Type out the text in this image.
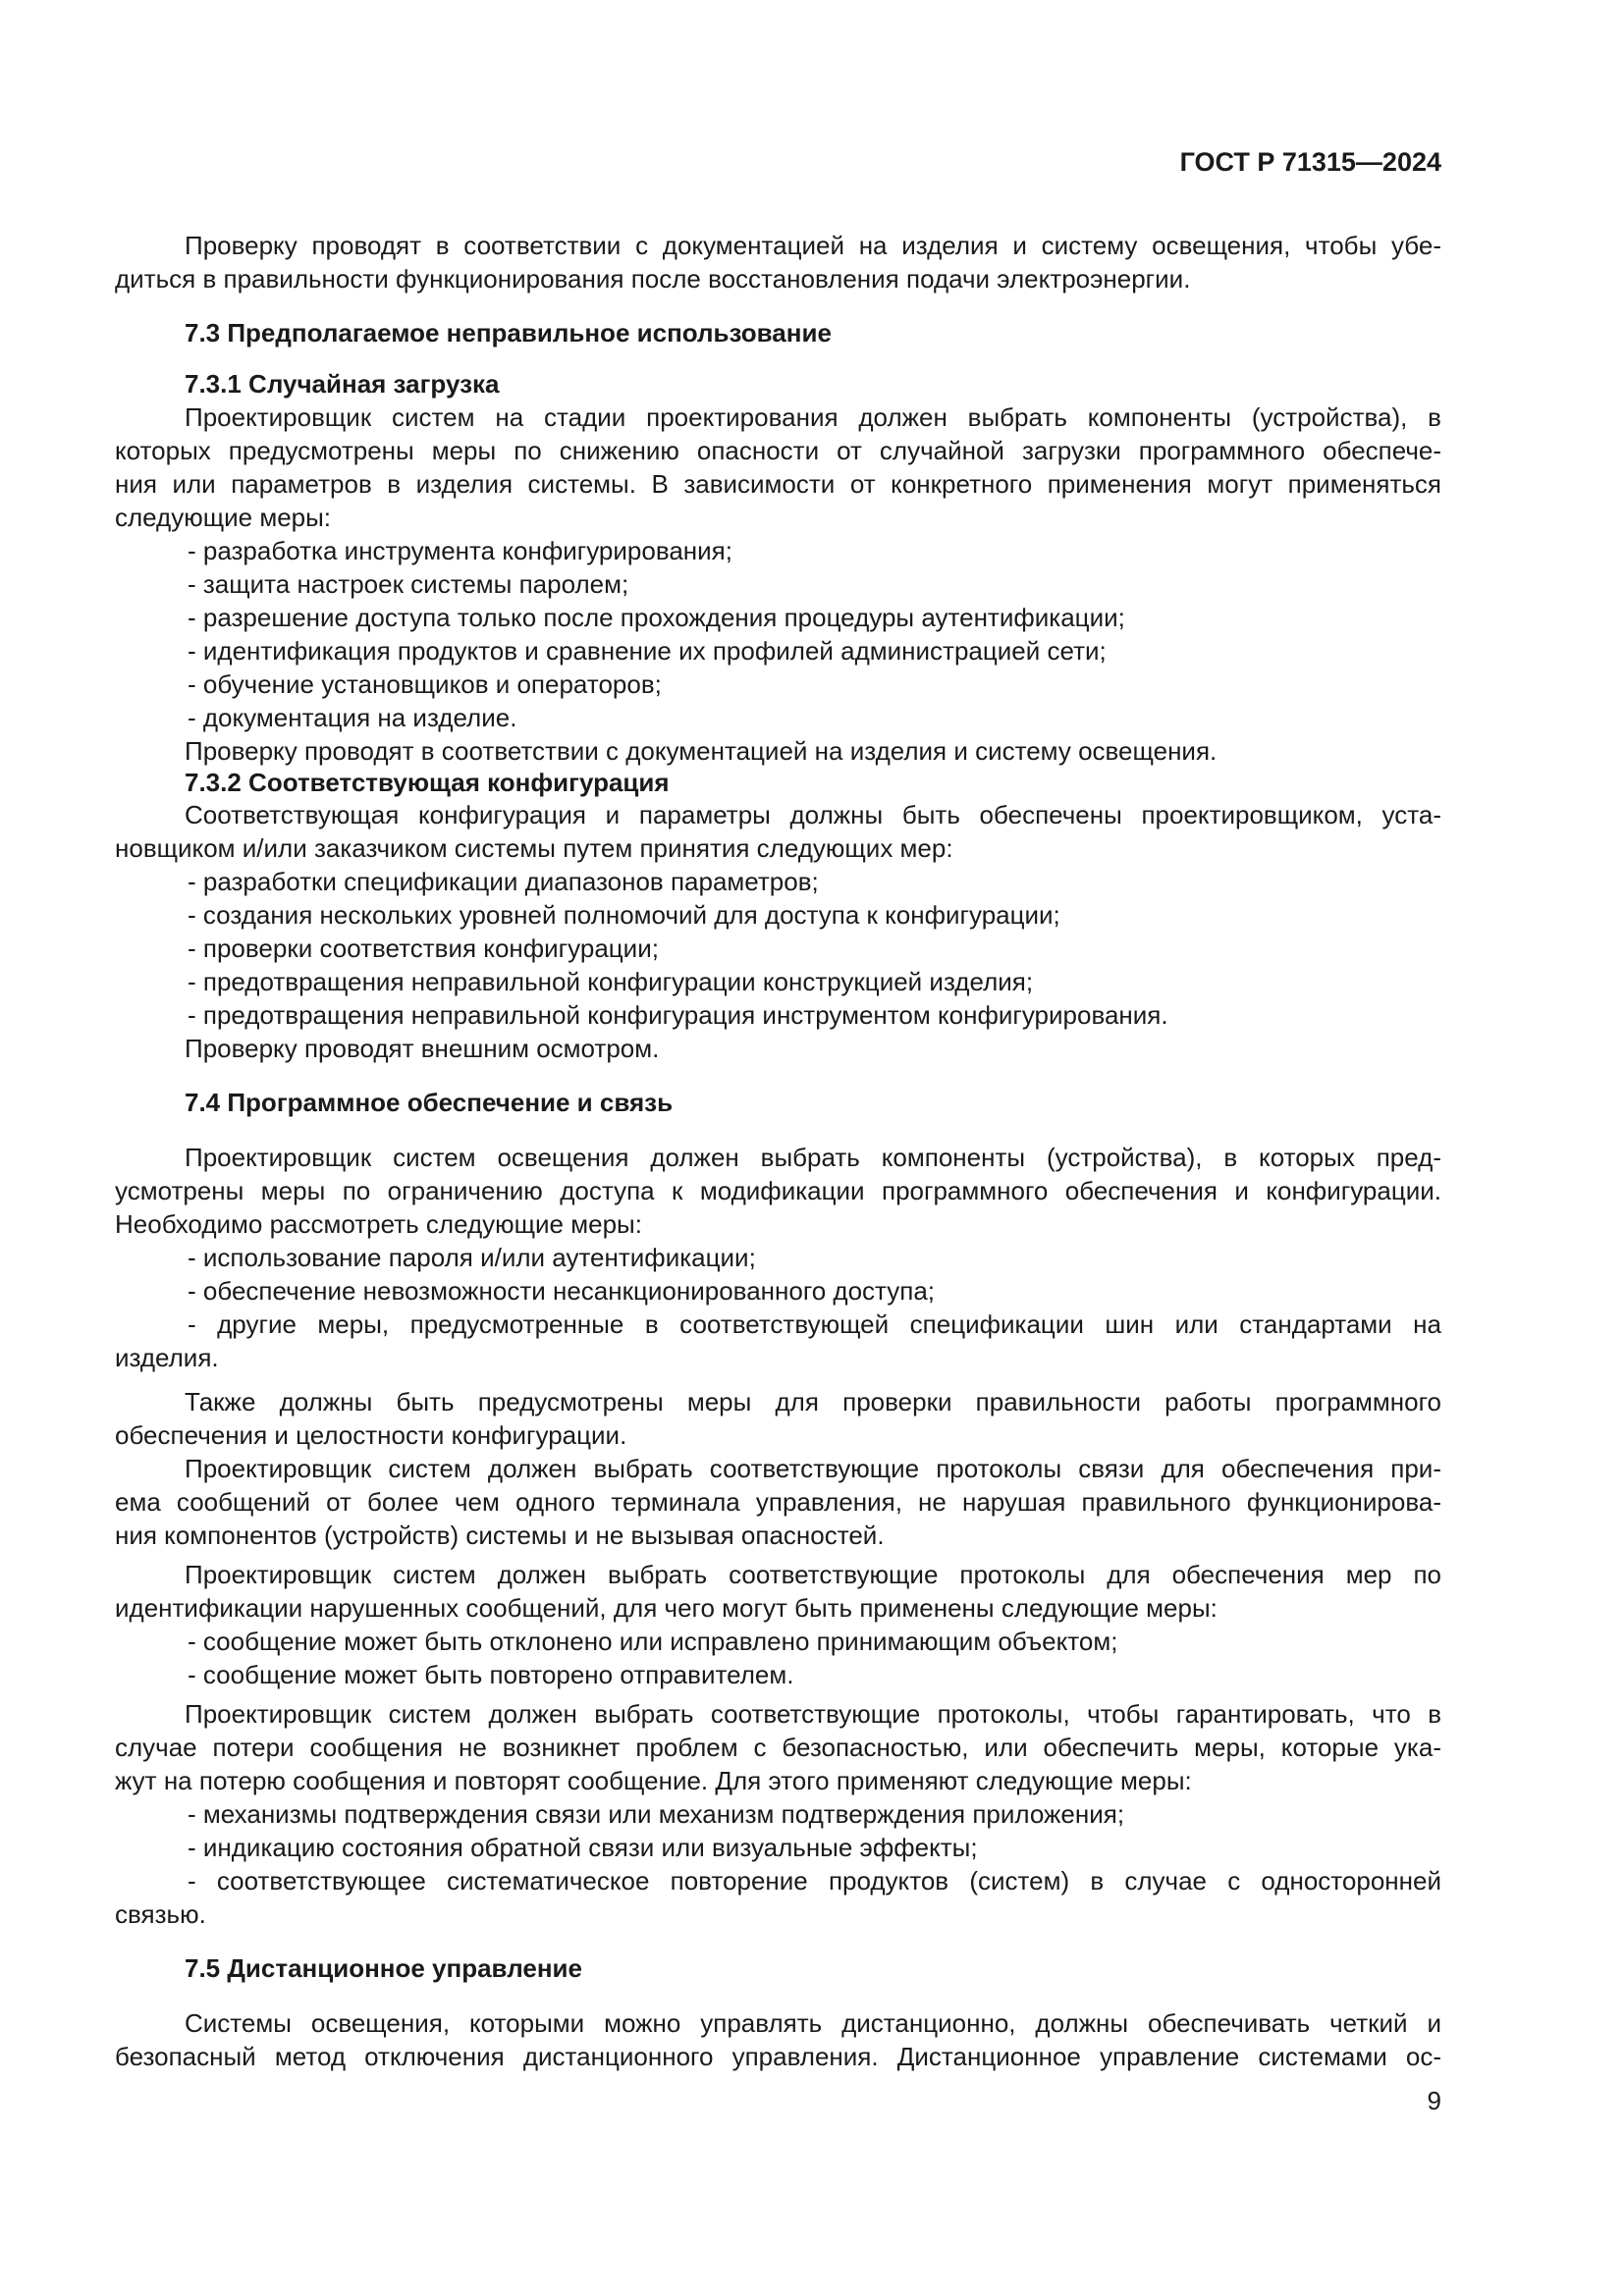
ГОСТ Р 71315—2024
Проверку проводят в соответствии с документацией на изделия и систему освещения, чтобы убе-
диться в правильности функционирования после восстановления подачи электроэнергии.
7.3 Предполагаемое неправильное использование
7.3.1 Случайная загрузка
Проектировщик систем на стадии проектирования должен выбрать компоненты (устройства), в
которых предусмотрены меры по снижению опасности от случайной загрузки программного обеспече-
ния или параметров в изделия системы. В зависимости от конкретного применения могут применяться
следующие меры:
- разработка инструмента конфигурирования;
- защита настроек системы паролем;
- разрешение доступа только после прохождения процедуры аутентификации;
- идентификация продуктов и сравнение их профилей администрацией сети;
- обучение установщиков и операторов;
- документация на изделие.
Проверку проводят в соответствии с документацией на изделия и систему освещения.
7.3.2 Соответствующая конфигурация
Соответствующая конфигурация и параметры должны быть обеспечены проектировщиком, уста-
новщиком и/или заказчиком системы путем принятия следующих мер:
- разработки спецификации диапазонов параметров;
- создания нескольких уровней полномочий для доступа к конфигурации;
- проверки соответствия конфигурации;
- предотвращения неправильной конфигурации конструкцией изделия;
- предотвращения неправильной конфигурация инструментом конфигурирования.
Проверку проводят внешним осмотром.
7.4 Программное обеспечение и связь
Проектировщик систем освещения должен выбрать компоненты (устройства), в которых пред-
усмотрены меры по ограничению доступа к модификации программного обеспечения и конфигурации.
Необходимо рассмотреть следующие меры:
- использование пароля и/или аутентификации;
- обеспечение невозможности несанкционированного доступа;
- другие меры, предусмотренные в соответствующей спецификации шин или стандартами на
изделия.
Также должны быть предусмотрены меры для проверки правильности работы программного
обеспечения и целостности конфигурации.
Проектировщик систем должен выбрать соответствующие протоколы связи для обеспечения при-
ема сообщений от более чем одного терминала управления, не нарушая правильного функционирова-
ния компонентов (устройств) системы и не вызывая опасностей.
Проектировщик систем должен выбрать соответствующие протоколы для обеспечения мер по
идентификации нарушенных сообщений, для чего могут быть применены следующие меры:
- сообщение может быть отклонено или исправлено принимающим объектом;
- сообщение может быть повторено отправителем.
Проектировщик систем должен выбрать соответствующие протоколы, чтобы гарантировать, что в
случае потери сообщения не возникнет проблем с безопасностью, или обеспечить меры, которые ука-
жут на потерю сообщения и повторят сообщение. Для этого применяют следующие меры:
- механизмы подтверждения связи или механизм подтверждения приложения;
- индикацию состояния обратной связи или визуальные эффекты;
- соответствующее систематическое повторение продуктов (систем) в случае с односторонней
связью.
7.5 Дистанционное управление
Системы освещения, которыми можно управлять дистанционно, должны обеспечивать четкий и
безопасный метод отключения дистанционного управления. Дистанционное управление системами ос-
9
